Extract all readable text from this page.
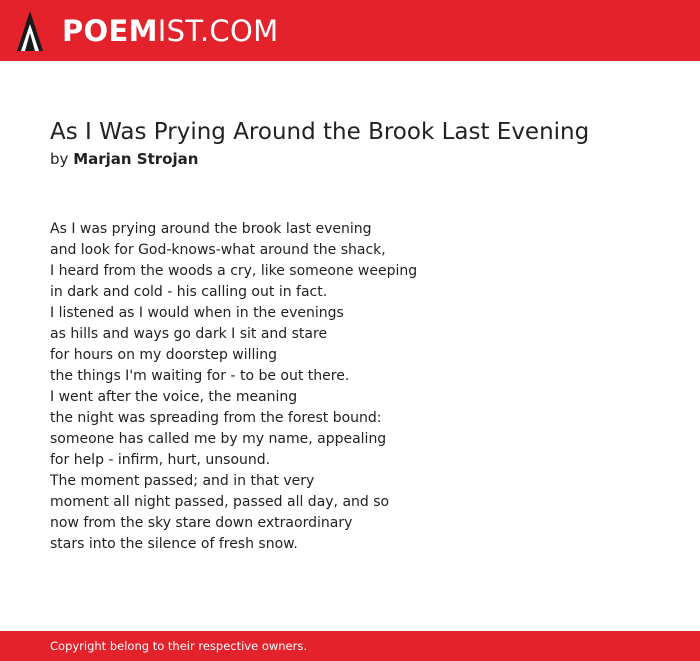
POEMIST.COM
As I Was Prying Around the Brook Last Evening
by Marjan Strojan
As I was prying around the brook last evening
and look for God-knows-what around the shack,
I heard from the woods a cry, like someone weeping
in dark and cold - his calling out in fact.
I listened as I would when in the evenings
as hills and ways go dark I sit and stare
for hours on my doorstep willing
the things I'm waiting for - to be out there.
I went after the voice, the meaning
the night was spreading from the forest bound:
someone has called me by my name, appealing
for help - infirm, hurt, unsound.
The moment passed; and in that very
moment all night passed, passed all day, and so
now from the sky stare down extraordinary
stars into the silence of fresh snow.
Copyright belong to their respective owners.
